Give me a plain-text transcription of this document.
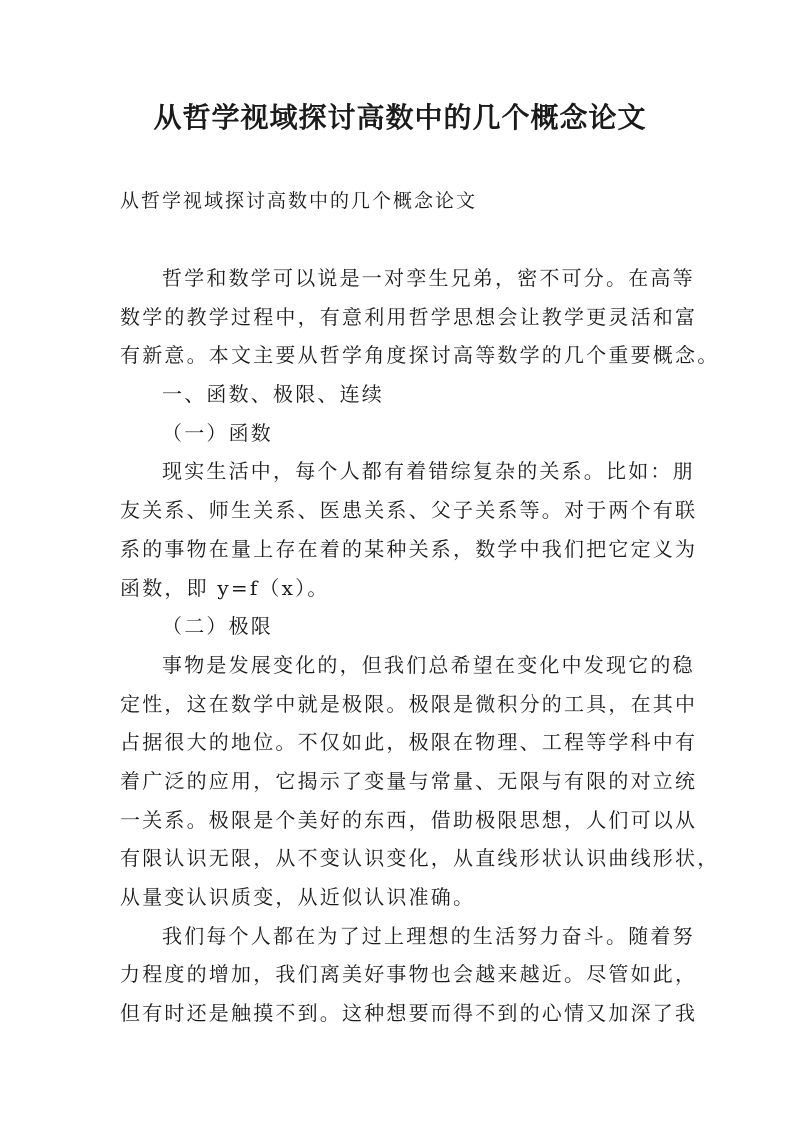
从哲学视域探讨高数中的几个概念论文
从哲学视域探讨高数中的几个概念论文
哲学和数学可以说是一对孪生兄弟，密不可分。在高等
数学的教学过程中，有意利用哲学思想会让教学更灵活和富
有新意。本文主要从哲学角度探讨高等数学的几个重要概念。
一、函数、极限、连续
（一）函数
现实生活中，每个人都有着错综复杂的关系。比如：朋
友关系、师生关系、医患关系、父子关系等。对于两个有联
系的事物在量上存在着的某种关系，数学中我们把它定义为
函数，即 y=f（x）。
（二）极限
事物是发展变化的，但我们总希望在变化中发现它的稳
定性，这在数学中就是极限。极限是微积分的工具，在其中
占据很大的地位。不仅如此，极限在物理、工程等学科中有
着广泛的应用，它揭示了变量与常量、无限与有限的对立统
一关系。极限是个美好的东西，借助极限思想，人们可以从
有限认识无限，从不变认识变化，从直线形状认识曲线形状，
从量变认识质变，从近似认识准确。
我们每个人都在为了过上理想的生活努力奋斗。随着努
力程度的增加，我们离美好事物也会越来越近。尽管如此，
但有时还是触摸不到。这种想要而得不到的心情又加深了我
